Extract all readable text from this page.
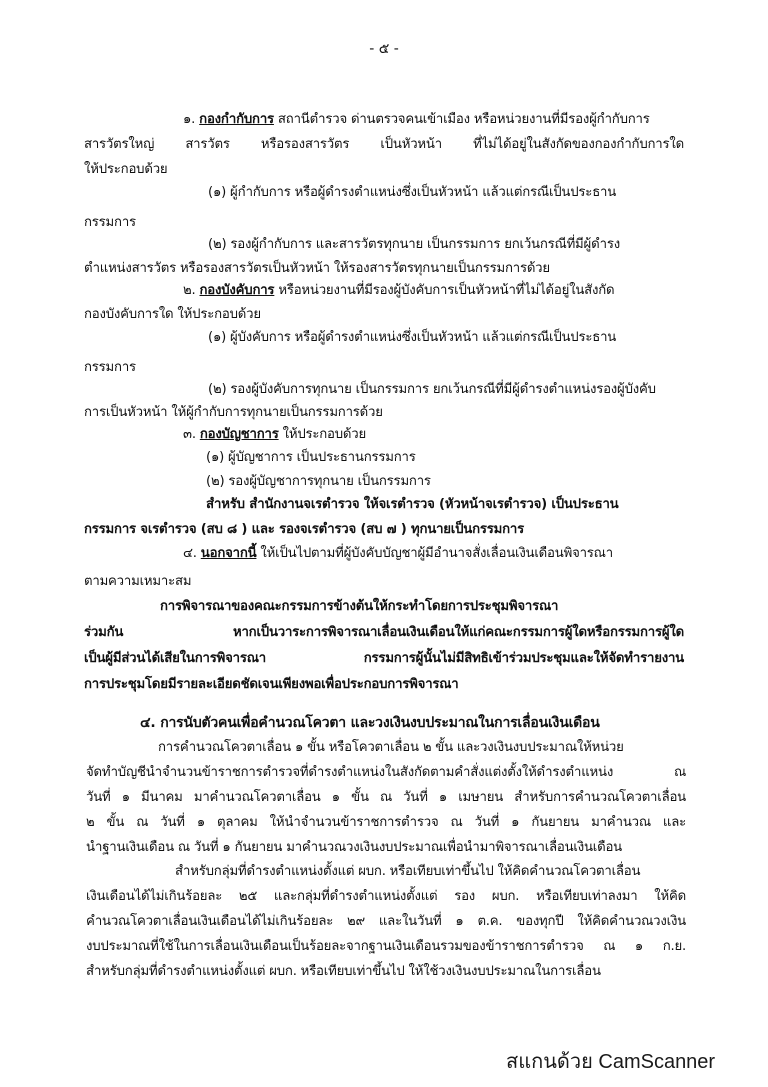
- ๕ -
๑. กองกำกับการ สถานีตำรวจ ด่านตรวจคนเข้าเมือง หรือหน่วยงานที่มีรองผู้กำกับการ
สารวัตรใหญ่ สารวัตร หรือรองสารวัตร เป็นหัวหน้า ที่ไม่ได้อยู่ในสังกัดของกองกำกับการใด
ให้ประกอบด้วย
(๑) ผู้กำกับการ หรือผู้ดำรงตำแหน่งซึ่งเป็นหัวหน้า แล้วแต่กรณีเป็นประธาน
กรรมการ
(๒) รองผู้กำกับการ และสารวัตรทุกนาย เป็นกรรมการ ยกเว้นกรณีที่มีผู้ดำรง
ตำแหน่งสารวัตร หรือรองสารวัตรเป็นหัวหน้า ให้รองสารวัตรทุกนายเป็นกรรมการด้วย
๒. กองบังคับการ หรือหน่วยงานที่มีรองผู้บังคับการเป็นหัวหน้าที่ไม่ได้อยู่ในสังกัด
กองบังคับการใด ให้ประกอบด้วย
(๑) ผู้บังคับการ หรือผู้ดำรงตำแหน่งซึ่งเป็นหัวหน้า แล้วแต่กรณีเป็นประธาน
กรรมการ
(๒) รองผู้บังคับการทุกนาย เป็นกรรมการ ยกเว้นกรณีที่มีผู้ดำรงตำแหน่งรองผู้บังคับ
การเป็นหัวหน้า ให้ผู้กำกับการทุกนายเป็นกรรมการด้วย
๓. กองบัญชาการ ให้ประกอบด้วย
(๑) ผู้บัญชาการ เป็นประธานกรรมการ
(๒) รองผู้บัญชาการทุกนาย เป็นกรรมการ
สำหรับ สำนักงานจเรตำรวจ ให้จเรตำรวจ (หัวหน้าจเรตำรวจ) เป็นประธาน
กรรมการ จเรตำรวจ (สบ ๘ ) และ รองจเรตำรวจ (สบ ๗ ) ทุกนายเป็นกรรมการ
๔. นอกจากนี้ ให้เป็นไปตามที่ผู้บังคับบัญชาผู้มีอำนาจสั่งเลื่อนเงินเดือนพิจารณา
ตามความเหมาะสม
การพิจารณาของคณะกรรมการข้างต้นให้กระทำโดยการประชุมพิจารณา
ร่วมกัน หากเป็นวาระการพิจารณาเลื่อนเงินเดือนให้แก่คณะกรรมการผู้ใดหรือกรรมการผู้ใด
เป็นผู้มีส่วนได้เสียในการพิจารณา กรรมการผู้นั้นไม่มีสิทธิเข้าร่วมประชุมและให้จัดทำรายงาน
การประชุมโดยมีรายละเอียดชัดเจนเพียงพอเพื่อประกอบการพิจารณา
๔. การนับตัวคนเพื่อคำนวณโควตา และวงเงินงบประมาณในการเลื่อนเงินเดือน
การคำนวณโควตาเลื่อน ๑ ขั้น หรือโควตาเลื่อน ๒ ขั้น และวงเงินงบประมาณให้หน่วย
จัดทำบัญชีนำจำนวนข้าราชการตำรวจที่ดำรงตำแหน่งในสังกัดตามคำสั่งแต่งตั้งให้ดำรงตำแหน่ง ณ
วันที่ ๑ มีนาคม มาคำนวณโควตาเลื่อน ๑ ขั้น ณ วันที่ ๑ เมษายน สำหรับการคำนวณโควตาเลื่อน
๒ ขั้น ณ วันที่ ๑ ตุลาคม ให้นำจำนวนข้าราชการตำรวจ ณ วันที่ ๑ กันยายน มาคำนวณ และ
นำฐานเงินเดือน ณ วันที่ ๑ กันยายน มาคำนวณวงเงินงบประมาณเพื่อนำมาพิจารณาเลื่อนเงินเดือน
สำหรับกลุ่มที่ดำรงตำแหน่งตั้งแต่ ผบก. หรือเทียบเท่าขึ้นไป ให้คิดคำนวณโควตาเลื่อน
เงินเดือนได้ไม่เกินร้อยละ ๒๕ และกลุ่มที่ดำรงตำแหน่งตั้งแต่ รอง ผบก. หรือเทียบเท่าลงมา ให้คิด
คำนวณโควตาเลื่อนเงินเดือนได้ไม่เกินร้อยละ ๒๙ และในวันที่ ๑ ต.ค. ของทุกปี ให้คิดคำนวณวงเงิน
งบประมาณที่ใช้ในการเลื่อนเงินเดือนเป็นร้อยละจากฐานเงินเดือนรวมของข้าราชการตำรวจ ณ ๑ ก.ย.
สำหรับกลุ่มที่ดำรงตำแหน่งตั้งแต่ ผบก. หรือเทียบเท่าขึ้นไป ให้ใช้วงเงินงบประมาณในการเลื่อน
สแกนด้วย CamScanner
